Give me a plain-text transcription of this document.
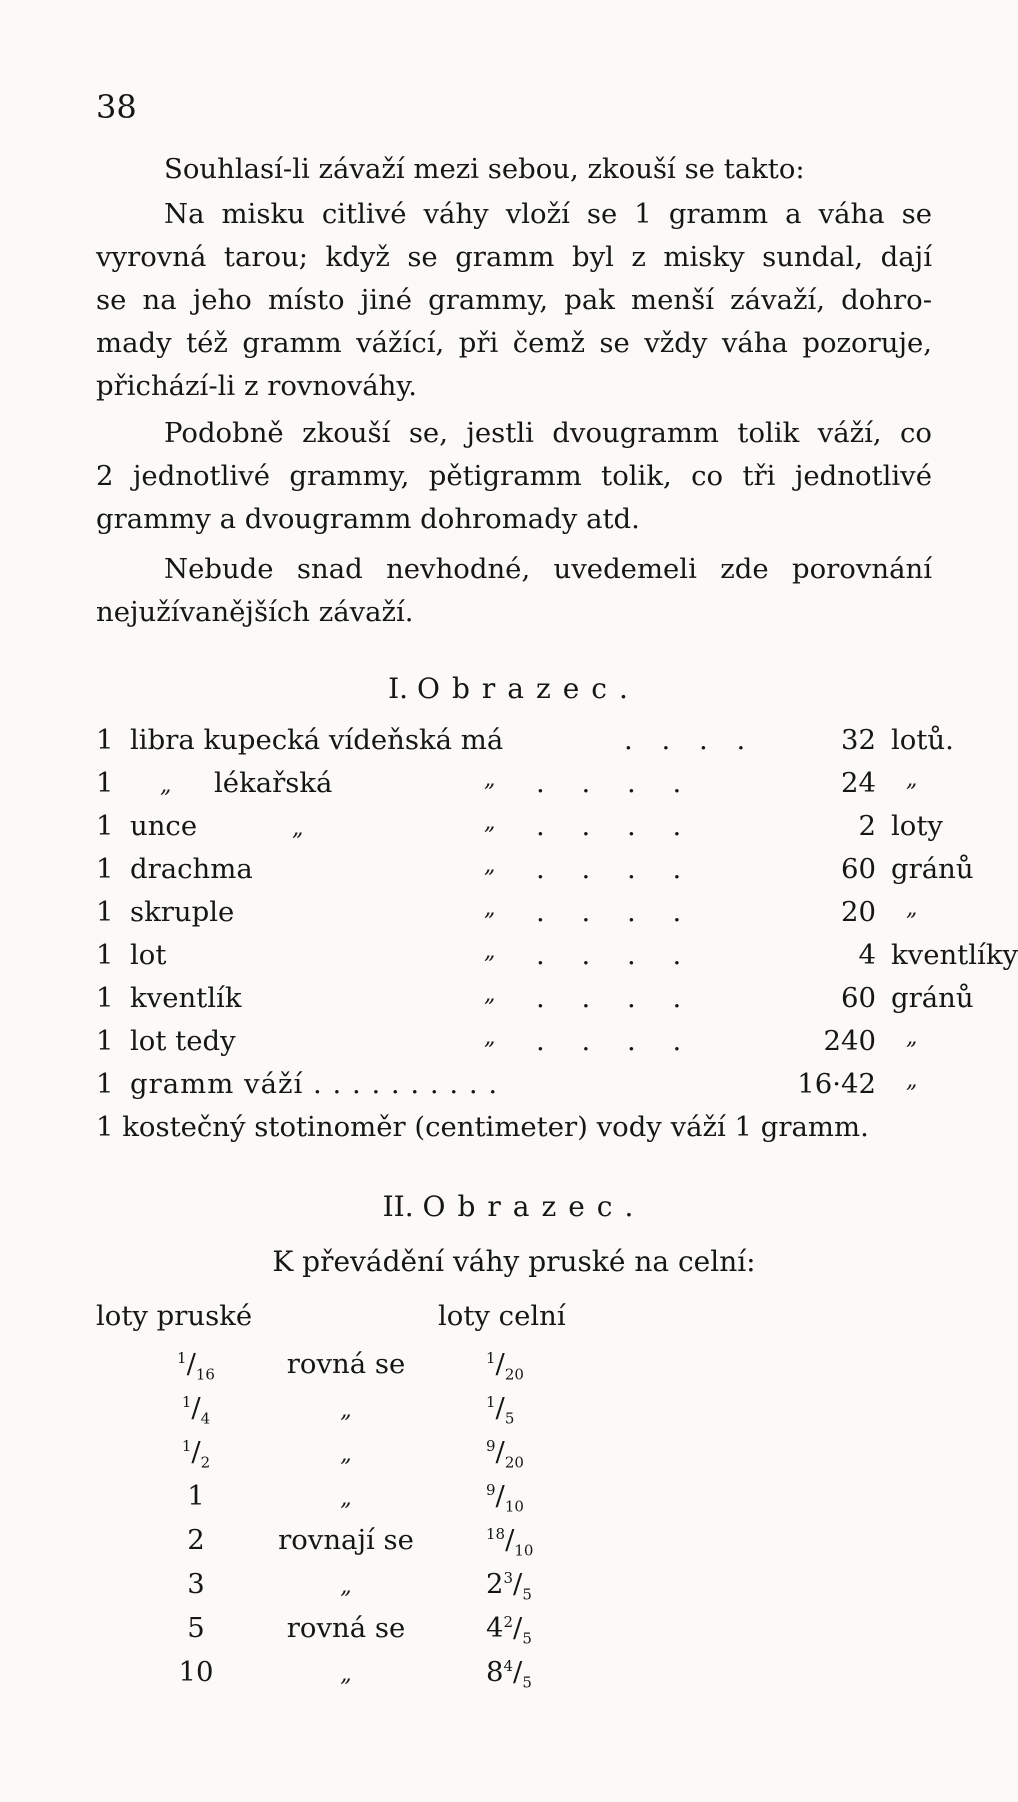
38
Souhlasí-li závaží mezi sebou, zkouší se takto:
Na misku citlivé váhy vloží se 1 gramm a váha se
vyrovná tarou; když se gramm byl z misky sundal, dají
se na jeho místo jiné grammy, pak menší závaží, dohro-
mady též gramm vážící, při čemž se vždy váha pozoruje,
přichází-li z rovnováhy.
Podobně zkouší se, jestli dvougramm tolik váží, co
2 jednotlivé grammy, pětigramm tolik, co tři jednotlivé
grammy a dvougramm dohromady atd.
Nebude snad nevhodné, uvedemeli zde porovnání
nejužívanějších závaží.
I. Obrazec.
1 libra kupecká vídeňská má	. . . .	32 lotů.
1 „ lékařská	„ . . . .	24 „
1 unce	„	„ . . . .	2 loty
1 drachma	„ . . . .	60 gránů
1 skruple	„ . . . .	20 „
1 lot	„ . . . .	4 kventlíky
1 kventlík	„ . . . .	60 gránů
1 lot tedy	„ . . . .	240 „
1 gramm váží . . . . . . . . . .	16·42 „
1 kostečný stotinoměr (centimeter) vody váží 1 gramm.
II. Obrazec.
K převádění váhy pruské na celní:
loty pruské	loty celní
$^1/_{16}$	rovná se	$^1/_{20}$
$^1/_4$	„	$^1/_5$
$^1/_2$	„	$^9/_{20}$
1	„	$^9/_{10}$
2	rovnají se	$^{18}/_{10}$
3	„	$2^3/_5$
5	rovná se	$4^2/_5$
10	„	$8^4/_5$
